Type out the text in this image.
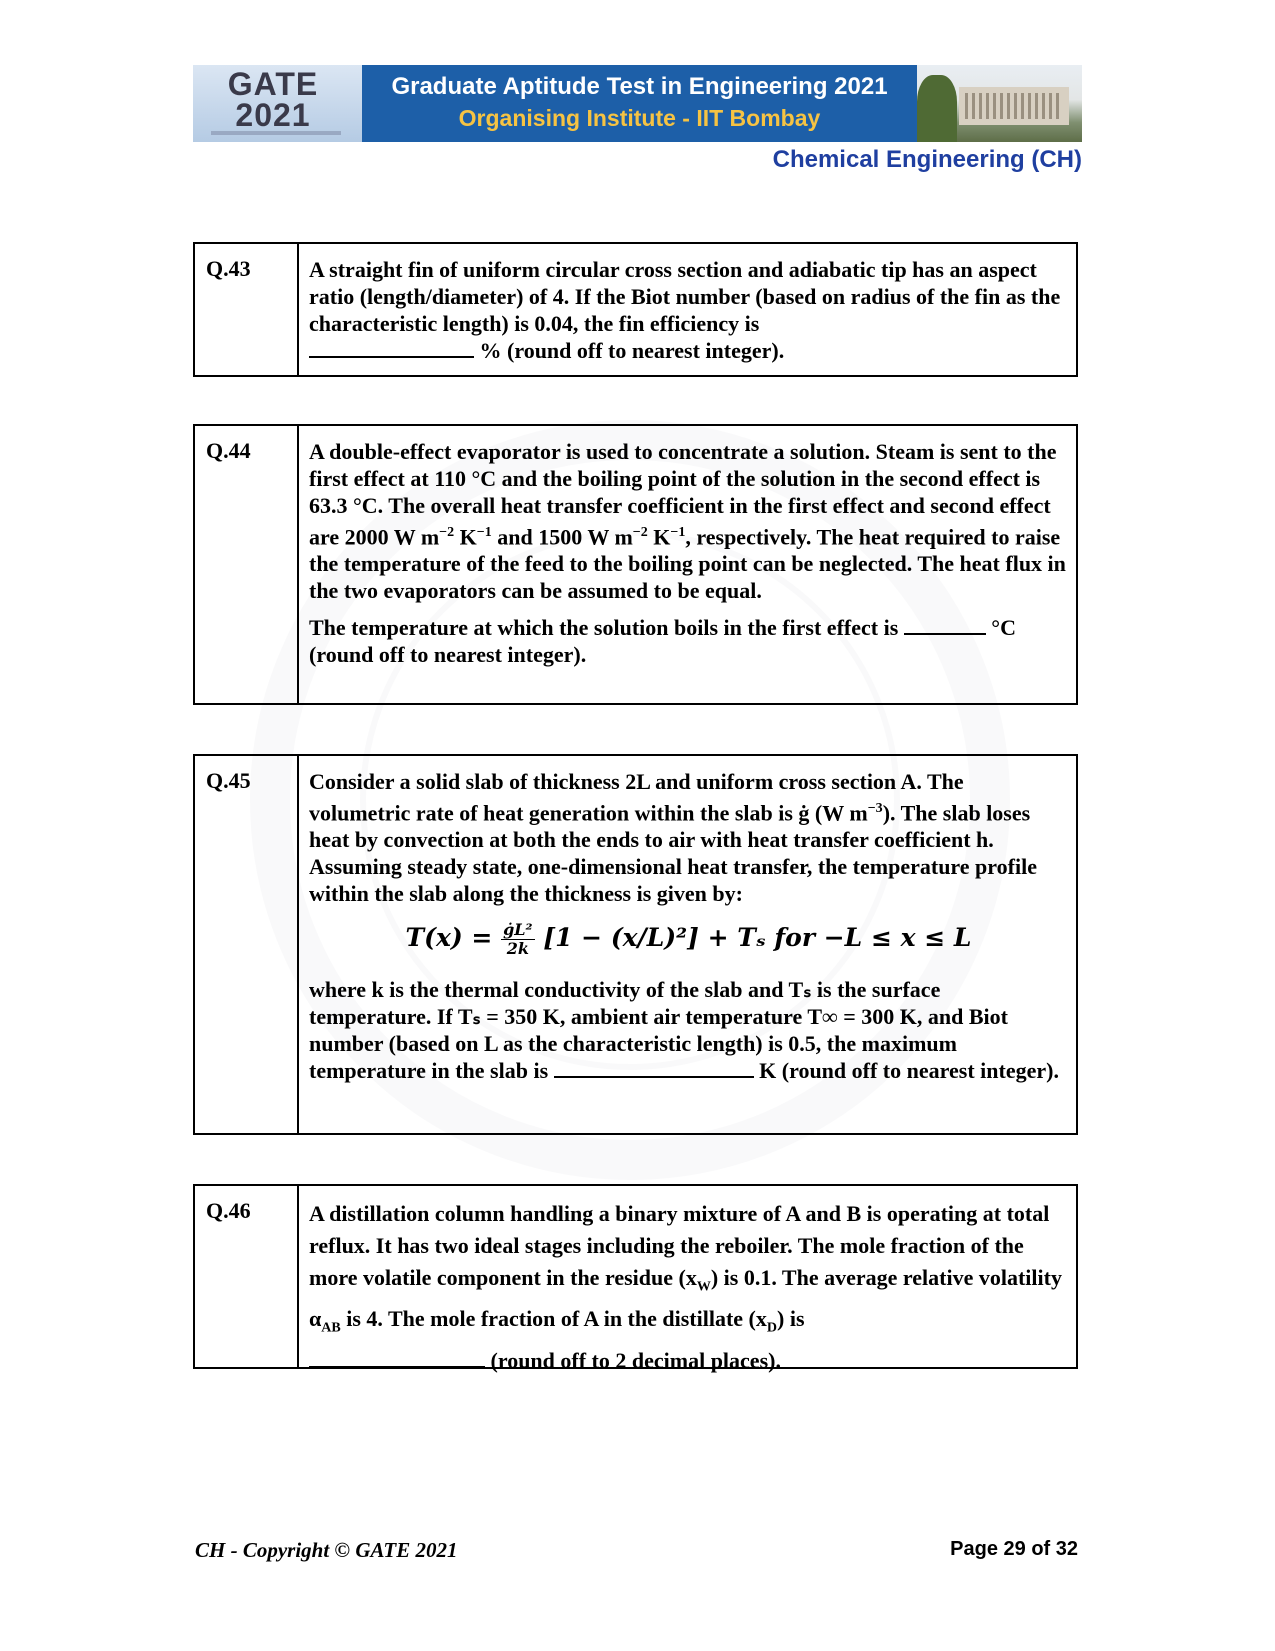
GATE
2021
Graduate Aptitude Test in Engineering 2021
Organising Institute - IIT Bombay
Chemical Engineering (CH)
Q.43	A straight fin of uniform circular cross section and adiabatic tip has an aspect ratio (length/diameter) of 4. If the Biot number (based on radius of the fin as the characteristic length) is 0.04, the fin efficiency is
% (round off to nearest integer).

Q.44	A double-effect evaporator is used to concentrate a solution. Steam is sent to the first effect at 110 °C and the boiling point of the solution in the second effect is 63.3 °C. The overall heat transfer coefficient in the first effect and second effect are 2000 W $m^{-2}$ $K^{-1}$ and 1500 W $m^{-2}$ $K^{-1}$, respectively. The heat required to raise the temperature of the feed to the boiling point can be neglected. The heat flux in the two evaporators can be assumed to be equal.

The temperature at which the solution boils in the first effect is	°C (round off to nearest integer).

Q.45	Consider a solid slab of thickness 2L and uniform cross section A. The volumetric rate of heat generation within the slab is ġ (W $m^{-3}$). The slab loses heat by convection at both the ends to air with heat transfer coefficient h. Assuming steady state, one-dimensional heat transfer, the temperature profile within the slab along the thickness is given by:

$T(x) = \frac{\text{ġL²}}{2k} [1 - (x/L)^2] + T_s$ for −L ≤ x ≤ L

where k is the thermal conductivity of the slab and Tₛ is the surface temperature. If Tₛ = 350 K, ambient air temperature T∞ = 300 K, and Biot number (based on L as the characteristic length) is 0.5, the maximum temperature in the slab is	K (round off to nearest integer).

Q.46	A distillation column handling a binary mixture of A and B is operating at total reflux. It has two ideal stages including the reboiler. The mole fraction of the more volatile component in the residue $(x_W)$ is 0.1. The average relative volatility $\alpha_{AB}$ is 4. The mole fraction of A in the distillate $(x_D)$ is
(round off to 2 decimal places).

CH - Copyright © GATE 2021	Page 29 of 32
